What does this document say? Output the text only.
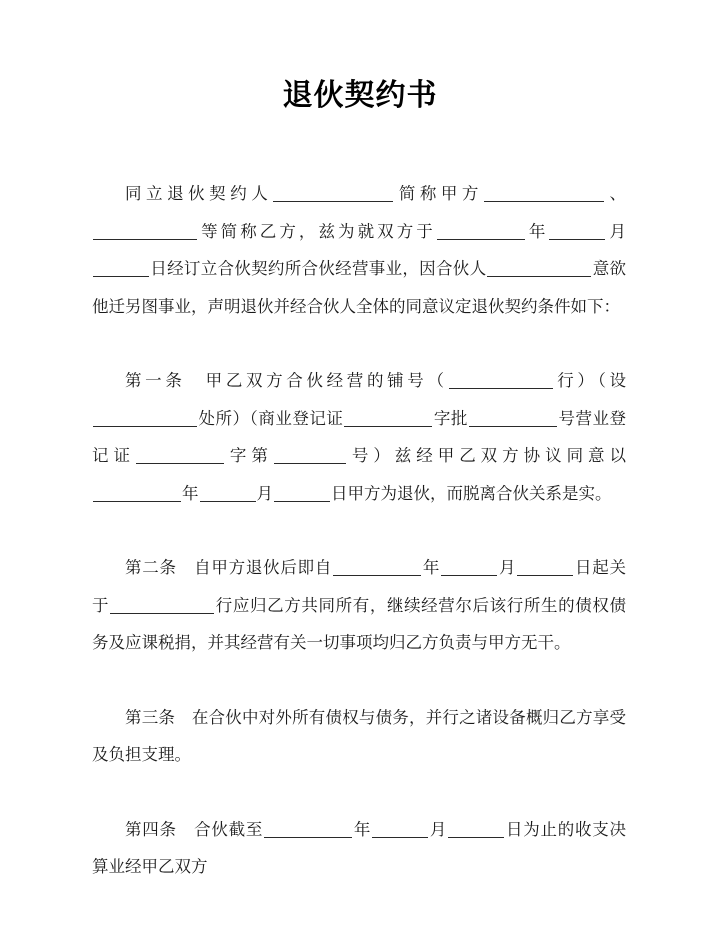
退伙契约书
同立退伙契约人	简称甲方	、等简称乙方，兹为就双方于	年	月日经订立合伙契约所合伙经营事业，因合伙人	意欲他迁另图事业，声明退伙并经合伙人全体的同意议定退伙契约条件如下：
第一条　甲乙双方合伙经营的铺号（	行）（设处所）（商业登记证	字批	号营业登记证	字第	号）兹经甲乙双方协议同意以年	月	日甲方为退伙，而脱离合伙关系是实。
第二条　自甲方退伙后即自	年	月	日起关于	行应归乙方共同所有，继续经营尔后该行所生的债权债务及应课税捐，并其经营有关一切事项均归乙方负责与甲方无干。
第三条　在合伙中对外所有债权与债务，并行之诸设备概归乙方享受及负担支理。
第四条　合伙截至	年	月	日为止的收支决算业经甲乙双方
